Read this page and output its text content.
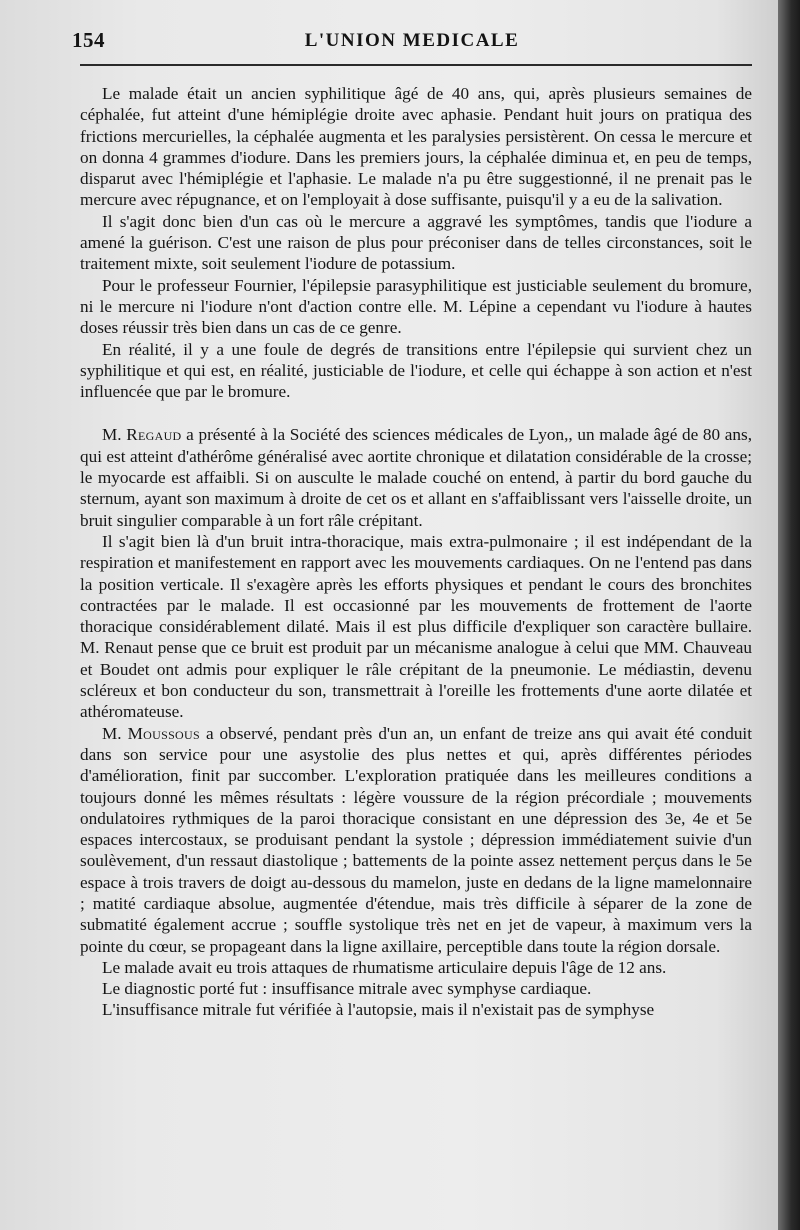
154	L'UNION MEDICALE

Le malade était un ancien syphilitique âgé de 40 ans, qui, après plusieurs semaines de céphalée, fut atteint d'une hémiplégie droite avec aphasie. Pendant huit jours on pratiqua des frictions mercurielles, la céphalée augmenta et les paralysies persistèrent. On cessa le mercure et on donna 4 grammes d'iodure. Dans les premiers jours, la céphalée diminua et, en peu de temps, disparut avec l'hémiplégie et l'aphasie. Le malade n'a pu être suggestionné, il ne prenait pas le mercure avec répugnance, et on l'employait à dose suffisante, puisqu'il y a eu de la salivation.

Il s'agit donc bien d'un cas où le mercure a aggravé les symptômes, tandis que l'iodure a amené la guérison. C'est une raison de plus pour préconiser dans de telles circonstances, soit le traitement mixte, soit seulement l'iodure de potassium.

Pour le professeur Fournier, l'épilepsie parasyphilitique est justiciable seulement du bromure, ni le mercure ni l'iodure n'ont d'action contre elle. M. Lépine a cependant vu l'iodure à hautes doses réussir très bien dans un cas de ce genre.

En réalité, il y a une foule de degrés de transitions entre l'épilepsie qui survient chez un syphilitique et qui est, en réalité, justiciable de l'iodure, et celle qui échappe à son action et n'est influencée que par le bromure.

M. Regaud a présenté à la Société des sciences médicales de Lyon,, un malade âgé de 80 ans, qui est atteint d'athérôme généralisé avec aortite chronique et dilatation considérable de la crosse; le myocarde est affaibli. Si on ausculte le malade couché on entend, à partir du bord gauche du sternum, ayant son maximum à droite de cet os et allant en s'affaiblissant vers l'aisselle droite, un bruit singulier comparable à un fort râle crépitant.

Il s'agit bien là d'un bruit intra-thoracique, mais extra-pulmonaire ; il est indépendant de la respiration et manifestement en rapport avec les mouvements cardiaques. On ne l'entend pas dans la position verticale. Il s'exagère après les efforts physiques et pendant le cours des bronchites contractées par le malade. Il est occasionné par les mouvements de frottement de l'aorte thoracique considérablement dilaté. Mais il est plus difficile d'expliquer son caractère bullaire. M. Renaut pense que ce bruit est produit par un mécanisme analogue à celui que MM. Chauveau et Boudet ont admis pour expliquer le râle crépitant de la pneumonie. Le médiastin, devenu scléreux et bon conducteur du son, transmettrait à l'oreille les frottements d'une aorte dilatée et athéromateuse.

M. Moussous a observé, pendant près d'un an, un enfant de treize ans qui avait été conduit dans son service pour une asystolie des plus nettes et qui, après différentes périodes d'amélioration, finit par succomber. L'exploration pratiquée dans les meilleures conditions a toujours donné les mêmes résultats : légère voussure de la région précordiale ; mouvements ondulatoires rythmiques de la paroi thoracique consistant en une dépression des 3e, 4e et 5e espaces intercostaux, se produisant pendant la systole ; dépression immédiatement suivie d'un soulèvement, d'un ressaut diastolique ; battements de la pointe assez nettement perçus dans le 5e espace à trois travers de doigt au-dessous du mamelon, juste en dedans de la ligne mamelonnaire ; matité cardiaque absolue, augmentée d'étendue, mais très difficile à séparer de la zone de submatité également accrue ; souffle systolique très net en jet de vapeur, à maximum vers la pointe du cœur, se propageant dans la ligne axillaire, perceptible dans toute la région dorsale.

Le malade avait eu trois attaques de rhumatisme articulaire depuis l'âge de 12 ans.

Le diagnostic porté fut : insuffisance mitrale avec symphyse cardiaque.

L'insuffisance mitrale fut vérifiée à l'autopsie, mais il n'existait pas de symphyse
